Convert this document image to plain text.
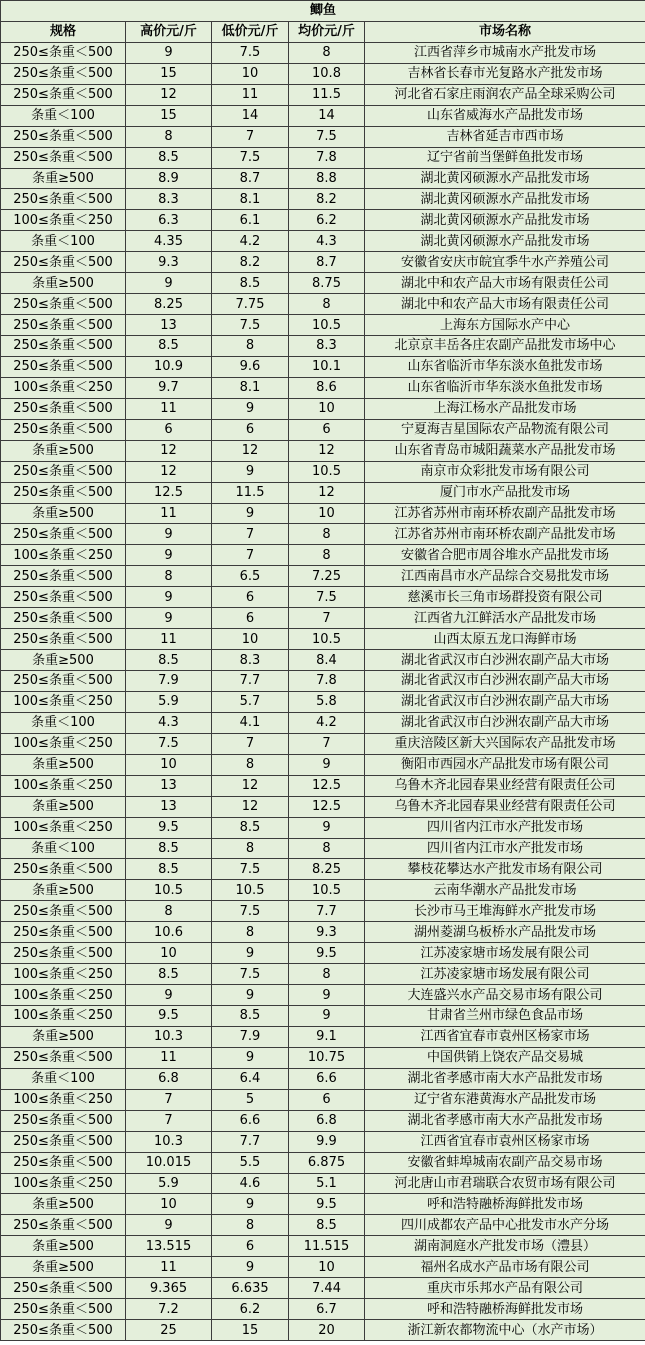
鲫鱼				
规格	高价元/斤	低价元/斤	均价元/斤	市场名称
250≤条重＜500	9	7.5	8	江西省萍乡市城南水产批发市场
250≤条重＜500	15	10	10.8	吉林省长春市光复路水产批发市场
250≤条重＜500	12	11	11.5	河北省石家庄雨润农产品全球采购公司
条重＜100	15	14	14	山东省威海水产品批发市场
250≤条重＜500	8	7	7.5	吉林省延吉市西市场
250≤条重＜500	8.5	7.5	7.8	辽宁省前当堡鲜鱼批发市场
条重≥500	8.9	8.7	8.8	湖北黄冈硕源水产品批发市场
250≤条重＜500	8.3	8.1	8.2	湖北黄冈硕源水产品批发市场
100≤条重＜250	6.3	6.1	6.2	湖北黄冈硕源水产品批发市场
条重＜100	4.35	4.2	4.3	湖北黄冈硕源水产品批发市场
250≤条重＜500	9.3	8.2	8.7	安徽省安庆市皖宜季牛水产养殖公司
条重≥500	9	8.5	8.75	湖北中和农产品大市场有限责任公司
250≤条重＜500	8.25	7.75	8	湖北中和农产品大市场有限责任公司
250≤条重＜500	13	7.5	10.5	上海东方国际水产中心
250≤条重＜500	8.5	8	8.3	北京京丰岳各庄农副产品批发市场中心
250≤条重＜500	10.9	9.6	10.1	山东省临沂市华东淡水鱼批发市场
100≤条重＜250	9.7	8.1	8.6	山东省临沂市华东淡水鱼批发市场
250≤条重＜500	11	9	10	上海江杨水产品批发市场
250≤条重＜500	6	6	6	宁夏海吉星国际农产品物流有限公司
条重≥500	12	12	12	山东省青岛市城阳蔬菜水产品批发市场
250≤条重＜500	12	9	10.5	南京市众彩批发市场有限公司
250≤条重＜500	12.5	11.5	12	厦门市水产品批发市场
条重≥500	11	9	10	江苏省苏州市南环桥农副产品批发市场
250≤条重＜500	9	7	8	江苏省苏州市南环桥农副产品批发市场
100≤条重＜250	9	7	8	安徽省合肥市周谷堆水产品批发市场
250≤条重＜500	8	6.5	7.25	江西南昌市水产品综合交易批发市场
250≤条重＜500	9	6	7.5	慈溪市长三角市场群投资有限公司
250≤条重＜500	9	6	7	江西省九江鲜活水产品批发市场
250≤条重＜500	11	10	10.5	山西太原五龙口海鲜市场
条重≥500	8.5	8.3	8.4	湖北省武汉市白沙洲农副产品大市场
250≤条重＜500	7.9	7.7	7.8	湖北省武汉市白沙洲农副产品大市场
100≤条重＜250	5.9	5.7	5.8	湖北省武汉市白沙洲农副产品大市场
条重＜100	4.3	4.1	4.2	湖北省武汉市白沙洲农副产品大市场
100≤条重＜250	7.5	7	7	重庆涪陵区新大兴国际农产品批发市场
条重≥500	10	8	9	衡阳市西园水产品批发市场有限公司
100≤条重＜250	13	12	12.5	乌鲁木齐北园春果业经营有限责任公司
条重≥500	13	12	12.5	乌鲁木齐北园春果业经营有限责任公司
100≤条重＜250	9.5	8.5	9	四川省内江市水产批发市场
条重＜100	8.5	8	8	四川省内江市水产批发市场
250≤条重＜500	8.5	7.5	8.25	攀枝花攀达水产批发市场有限公司
条重≥500	10.5	10.5	10.5	云南华潮水产品批发市场
250≤条重＜500	8	7.5	7.7	长沙市马王堆海鲜水产批发市场
250≤条重＜500	10.6	8	9.3	湖州菱湖乌板桥水产品批发市场
250≤条重＜500	10	9	9.5	江苏凌家塘市场发展有限公司
100≤条重＜250	8.5	7.5	8	江苏凌家塘市场发展有限公司
100≤条重＜250	9	9	9	大连盛兴水产品交易市场有限公司
100≤条重＜250	9.5	8.5	9	甘肃省兰州市绿色食品市场
条重≥500	10.3	7.9	9.1	江西省宜春市袁州区杨家市场
250≤条重＜500	11	9	10.75	中国供销上饶农产品交易城
条重＜100	6.8	6.4	6.6	湖北省孝感市南大水产品批发市场
100≤条重＜250	7	5	6	辽宁省东港黄海水产品批发市场
250≤条重＜500	7	6.6	6.8	湖北省孝感市南大水产品批发市场
250≤条重＜500	10.3	7.7	9.9	江西省宜春市袁州区杨家市场
250≤条重＜500	10.015	5.5	6.875	安徽省蚌埠城南农副产品交易市场
100≤条重＜250	5.9	4.6	5.1	河北唐山市君瑞联合农贸市场有限公司
条重≥500	10	9	9.5	呼和浩特融桥海鲜批发市场
250≤条重＜500	9	8	8.5	四川成都农产品中心批发市水产分场
条重≥500	13.515	6	11.515	湖南洞庭水产批发市场（澧县）
条重≥500	11	9	10	福州名成水产品市场有限公司
250≤条重＜500	9.365	6.635	7.44	重庆市乐邦水产品有限公司
250≤条重＜500	7.2	6.2	6.7	呼和浩特融桥海鲜批发市场
250≤条重＜500	25	15	20	浙江新农都物流中心（水产市场）
